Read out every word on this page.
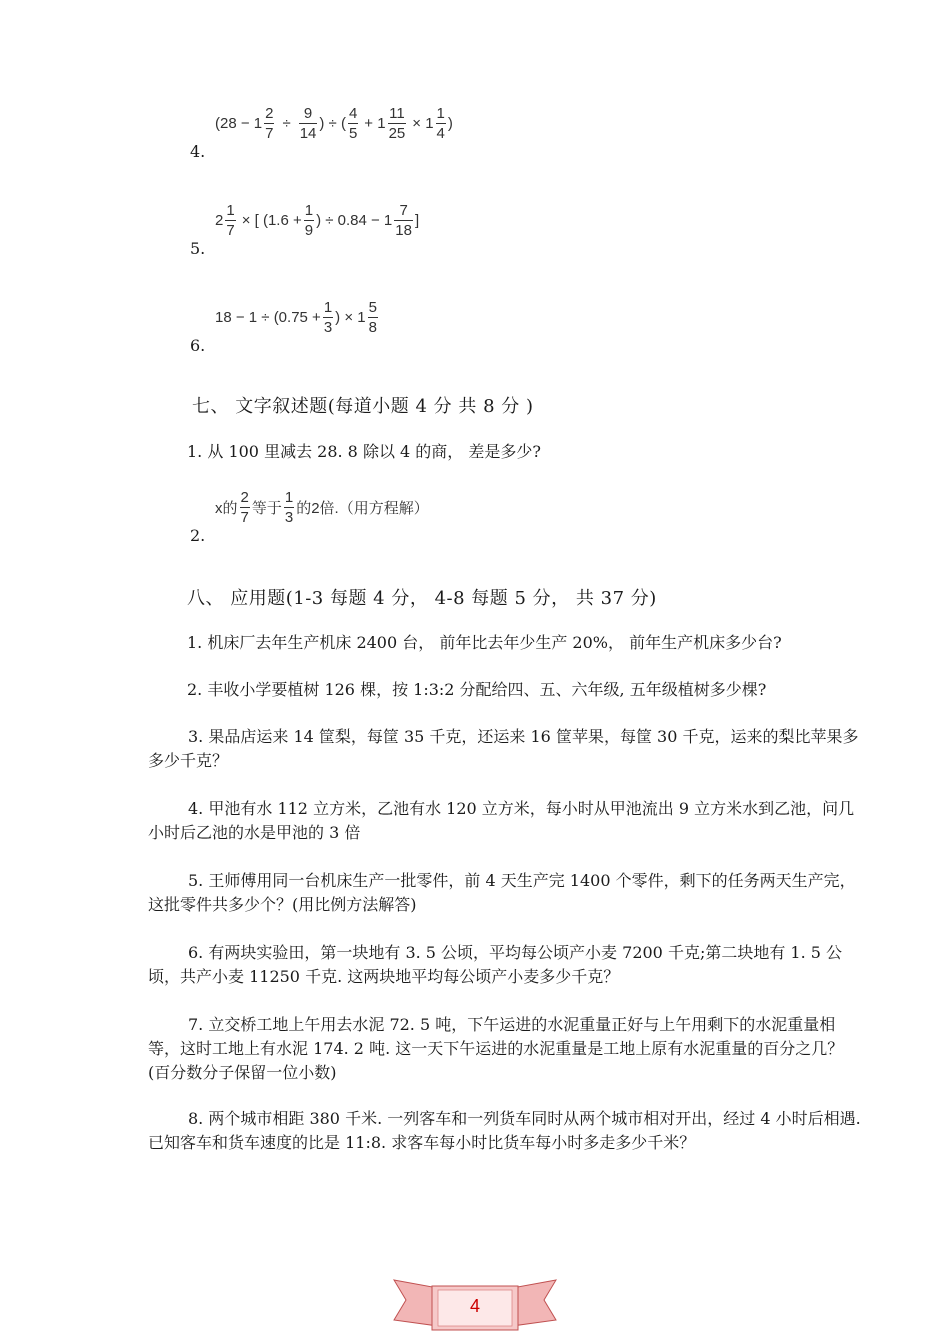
4.
($28 - 1 \frac{2}{7} \div \frac{9}{14}$ ) ÷ ( $\frac{4}{5} + 1 \frac{11}{25} \times 1 \frac{1}{4}$ )
5.
$2 \frac{1}{7}$ × [ ($1.6 + \frac{1}{9}$ ) ÷ $0.84 - 1 \frac{7}{18}$ ]
6.
$18 - 1 \div (0.75 + \frac{1}{3}$ ) × $1 \frac{5}{8}$
七、 文字叙述题(每道小题 4 分 共 8 分 )
1. 从 100 里减去 28. 8 除以 4 的商， 差是多少?
2.
x的 $\frac{2}{7}$ 等于 $\frac{1}{3}$ 的2倍.（用方程解）
八、 应用题(1-3 每题 4 分， 4-8 每题 5 分， 共 37 分)
1. 机床厂去年生产机床 2400 台， 前年比去年少生产 20%， 前年生产机床多少台?
2. 丰收小学要植树 126 棵，按 1:3:2 分配给四、五、六年级, 五年级植树多少棵?
3. 果品店运来 14 筐梨，每筐 35 千克，还运来 16 筐苹果，每筐 30 千克，运来的梨比苹果多多少千克？
4. 甲池有水 112 立方米，乙池有水 120 立方米，每小时从甲池流出 9 立方米水到乙池，问几小时后乙池的水是甲池的 3 倍
5. 王师傅用同一台机床生产一批零件，前 4 天生产完 1400 个零件，剩下的任务两天生产完，这批零件共多少个？(用比例方法解答)
6. 有两块实验田，第一块地有 3. 5 公顷，平均每公顷产小麦 7200 千克;第二块地有 1. 5 公顷，共产小麦 11250 千克. 这两块地平均每公顷产小麦多少千克？
7. 立交桥工地上午用去水泥 72. 5 吨，下午运进的水泥重量正好与上午用剩下的水泥重量相等，这时工地上有水泥 174. 2 吨. 这一天下午运进的水泥重量是工地上原有水泥重量的百分之几？(百分数分子保留一位小数)
8. 两个城市相距 380 千米. 一列客车和一列货车同时从两个城市相对开出，经过 4 小时后相遇. 已知客车和货车速度的比是 11:8. 求客车每小时比货车每小时多走多少千米？
4
